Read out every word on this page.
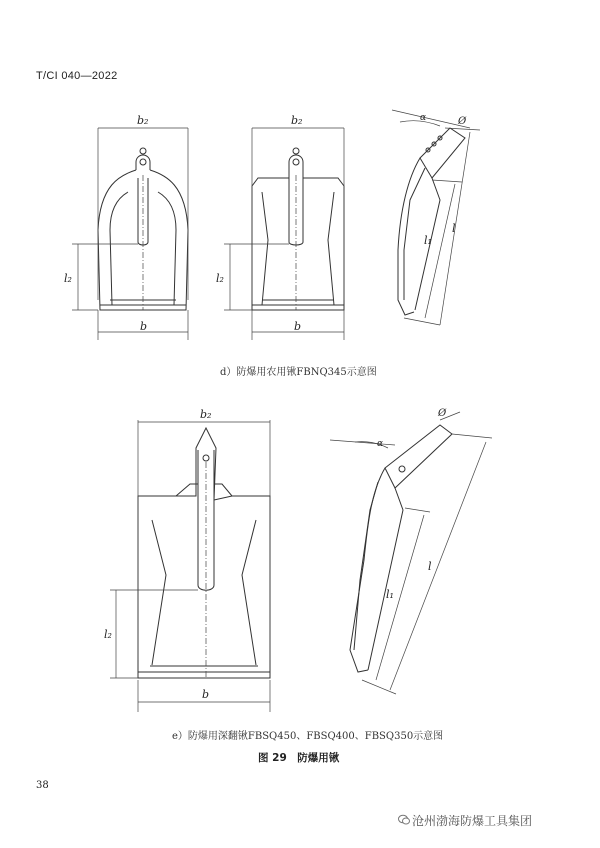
T/CI 040—2022
b₂
b
l₂
b₂
b
l₂
α	Ø
l₁
l
d）防爆用农用锹FBNQ345示意图
b₂
b
l₂
α
Ø
l₁
l
e）防爆用深翻锹FBSQ450、FBSQ400、FBSQ350示意图
图 29　防爆用锹
38
沧州渤海防爆工具集团
